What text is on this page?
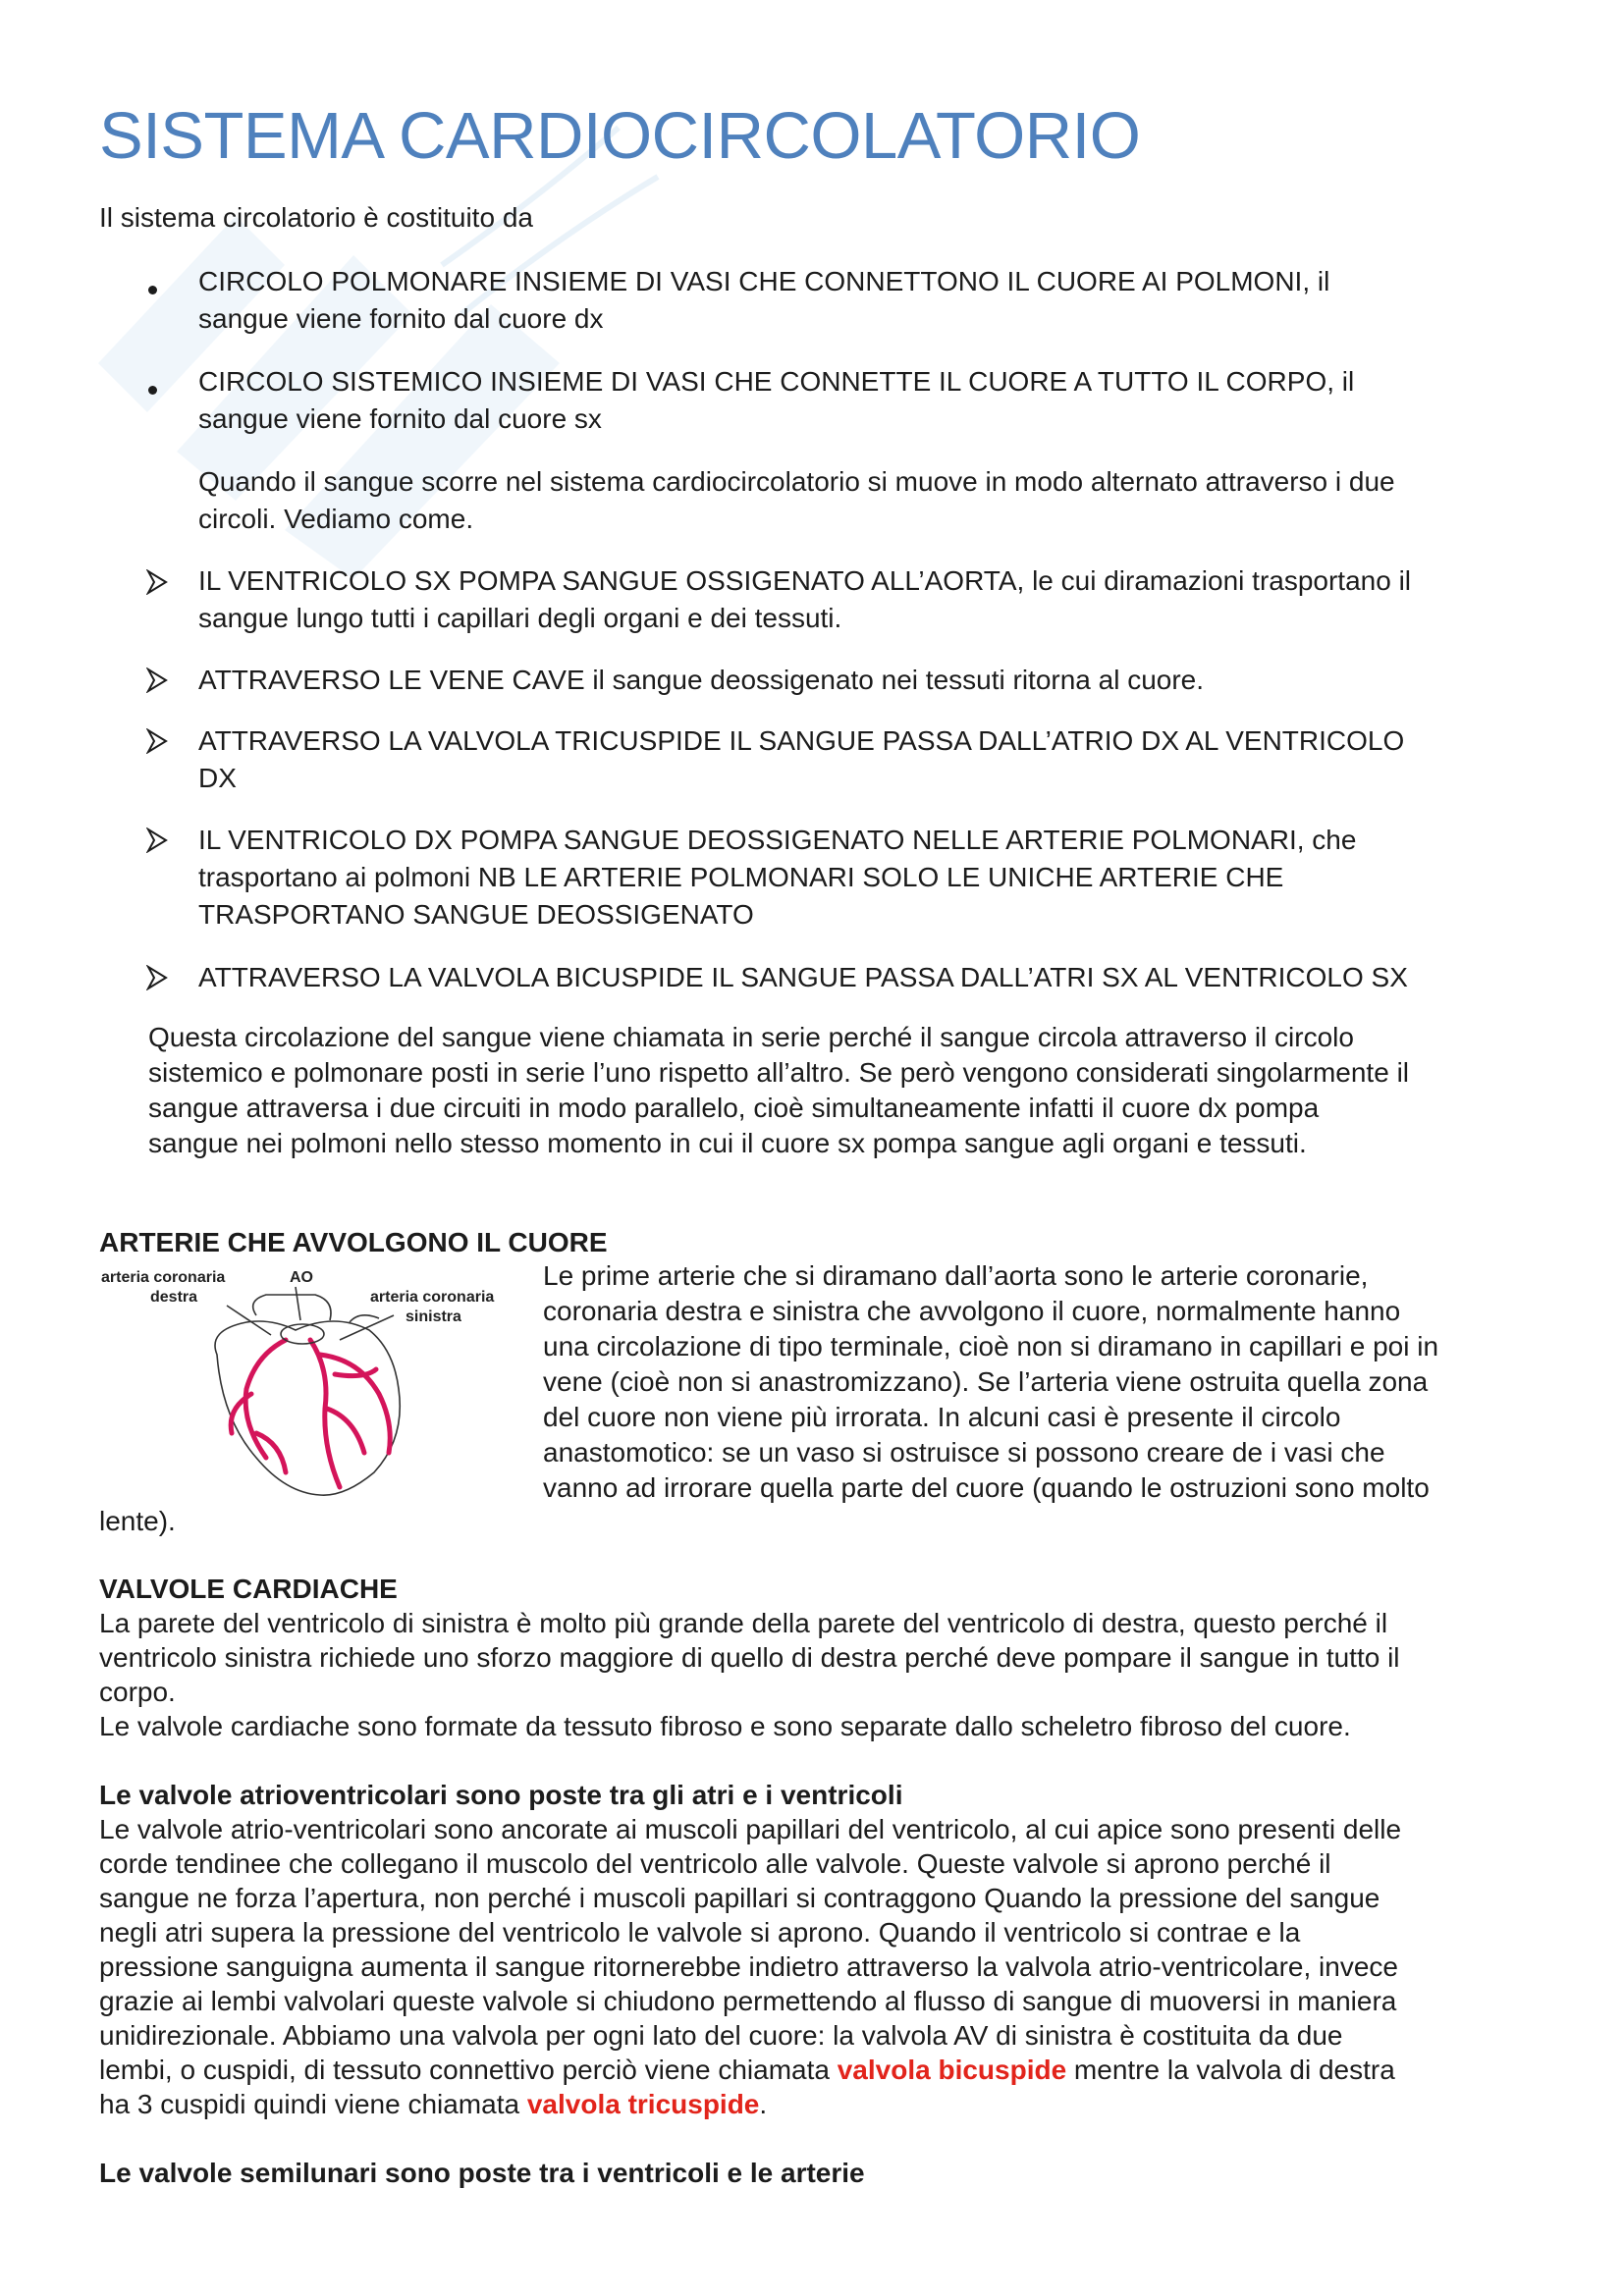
SISTEMA CARDIOCIRCOLATORIO

Il sistema circolatorio è costituito da

CIRCOLO POLMONARE INSIEME DI VASI CHE CONNETTONO IL CUORE AI POLMONI, il

sangue viene fornito dal cuore dx

CIRCOLO SISTEMICO INSIEME DI VASI CHE CONNETTE IL CUORE A TUTTO IL CORPO, il

sangue viene fornito dal cuore sx

Quando il sangue scorre nel sistema cardiocircolatorio si muove in modo alternato attraverso i due

circoli. Vediamo come.

IL VENTRICOLO SX POMPA SANGUE OSSIGENATO ALL’AORTA, le cui diramazioni trasportano il

sangue lungo tutti i capillari degli organi e dei tessuti.

ATTRAVERSO LE VENE CAVE il sangue deossigenato nei tessuti ritorna al cuore.

ATTRAVERSO LA VALVOLA TRICUSPIDE IL SANGUE PASSA DALL’ATRIO DX AL VENTRICOLO

DX

IL VENTRICOLO DX POMPA SANGUE DEOSSIGENATO NELLE ARTERIE POLMONARI, che

trasportano ai polmoni NB LE ARTERIE POLMONARI SOLO LE UNICHE ARTERIE CHE

TRASPORTANO SANGUE DEOSSIGENATO

ATTRAVERSO LA VALVOLA BICUSPIDE IL SANGUE PASSA DALL’ATRI SX AL VENTRICOLO SX

Questa circolazione del sangue viene chiamata in serie perché il sangue circola attraverso il circolo

sistemico e polmonare posti in serie l’uno rispetto all’altro. Se però vengono considerati singolarmente il

sangue attraversa i due circuiti in modo parallelo, cioè simultaneamente infatti il cuore dx pompa

sangue nei polmoni nello stesso momento in cui il cuore sx pompa sangue agli organi e tessuti.

ARTERIE CHE AVVOLGONO IL CUORE

arteria coronaria
destra
AO
arteria coronaria
sinistra

Le prime arterie che si diramano dall’aorta sono le arterie coronarie,

coronaria destra e sinistra che avvolgono il cuore, normalmente hanno

una circolazione di tipo terminale, cioè non si diramano in capillari e poi in

vene (cioè non si anastromizzano). Se l’arteria viene ostruita quella zona

del cuore non viene più irrorata. In alcuni casi è presente il circolo

anastomotico: se un vaso si ostruisce si possono creare de i vasi che

vanno ad irrorare quella parte del cuore (quando le ostruzioni sono molto

lente).

VALVOLE CARDIACHE

La parete del ventricolo di sinistra è molto più grande della parete del ventricolo di destra, questo perché il

ventricolo sinistra richiede uno sforzo maggiore di quello di destra perché deve pompare il sangue in tutto il

corpo.

Le valvole cardiache sono formate da tessuto fibroso e sono separate dallo scheletro fibroso del cuore.

Le valvole atrioventricolari sono poste tra gli atri e i ventricoli

Le valvole atrio-ventricolari sono ancorate ai muscoli papillari del ventricolo, al cui apice sono presenti delle

corde tendinee che collegano il muscolo del ventricolo alle valvole. Queste valvole si aprono perché il

sangue ne forza l’apertura, non perché i muscoli papillari si contraggono Quando la pressione del sangue

negli atri supera la pressione del ventricolo le valvole si aprono. Quando il ventricolo si contrae e la

pressione sanguigna aumenta il sangue ritornerebbe indietro attraverso la valvola atrio-ventricolare, invece

grazie ai lembi valvolari queste valvole si chiudono permettendo al flusso di sangue di muoversi in maniera

unidirezionale. Abbiamo una valvola per ogni lato del cuore: la valvola AV di sinistra è costituita da due

lembi, o cuspidi, di tessuto connettivo perciò viene chiamata valvola bicuspide mentre la valvola di destra

ha 3 cuspidi quindi viene chiamata valvola tricuspide.

Le valvole semilunari sono poste tra i ventricoli e le arterie
